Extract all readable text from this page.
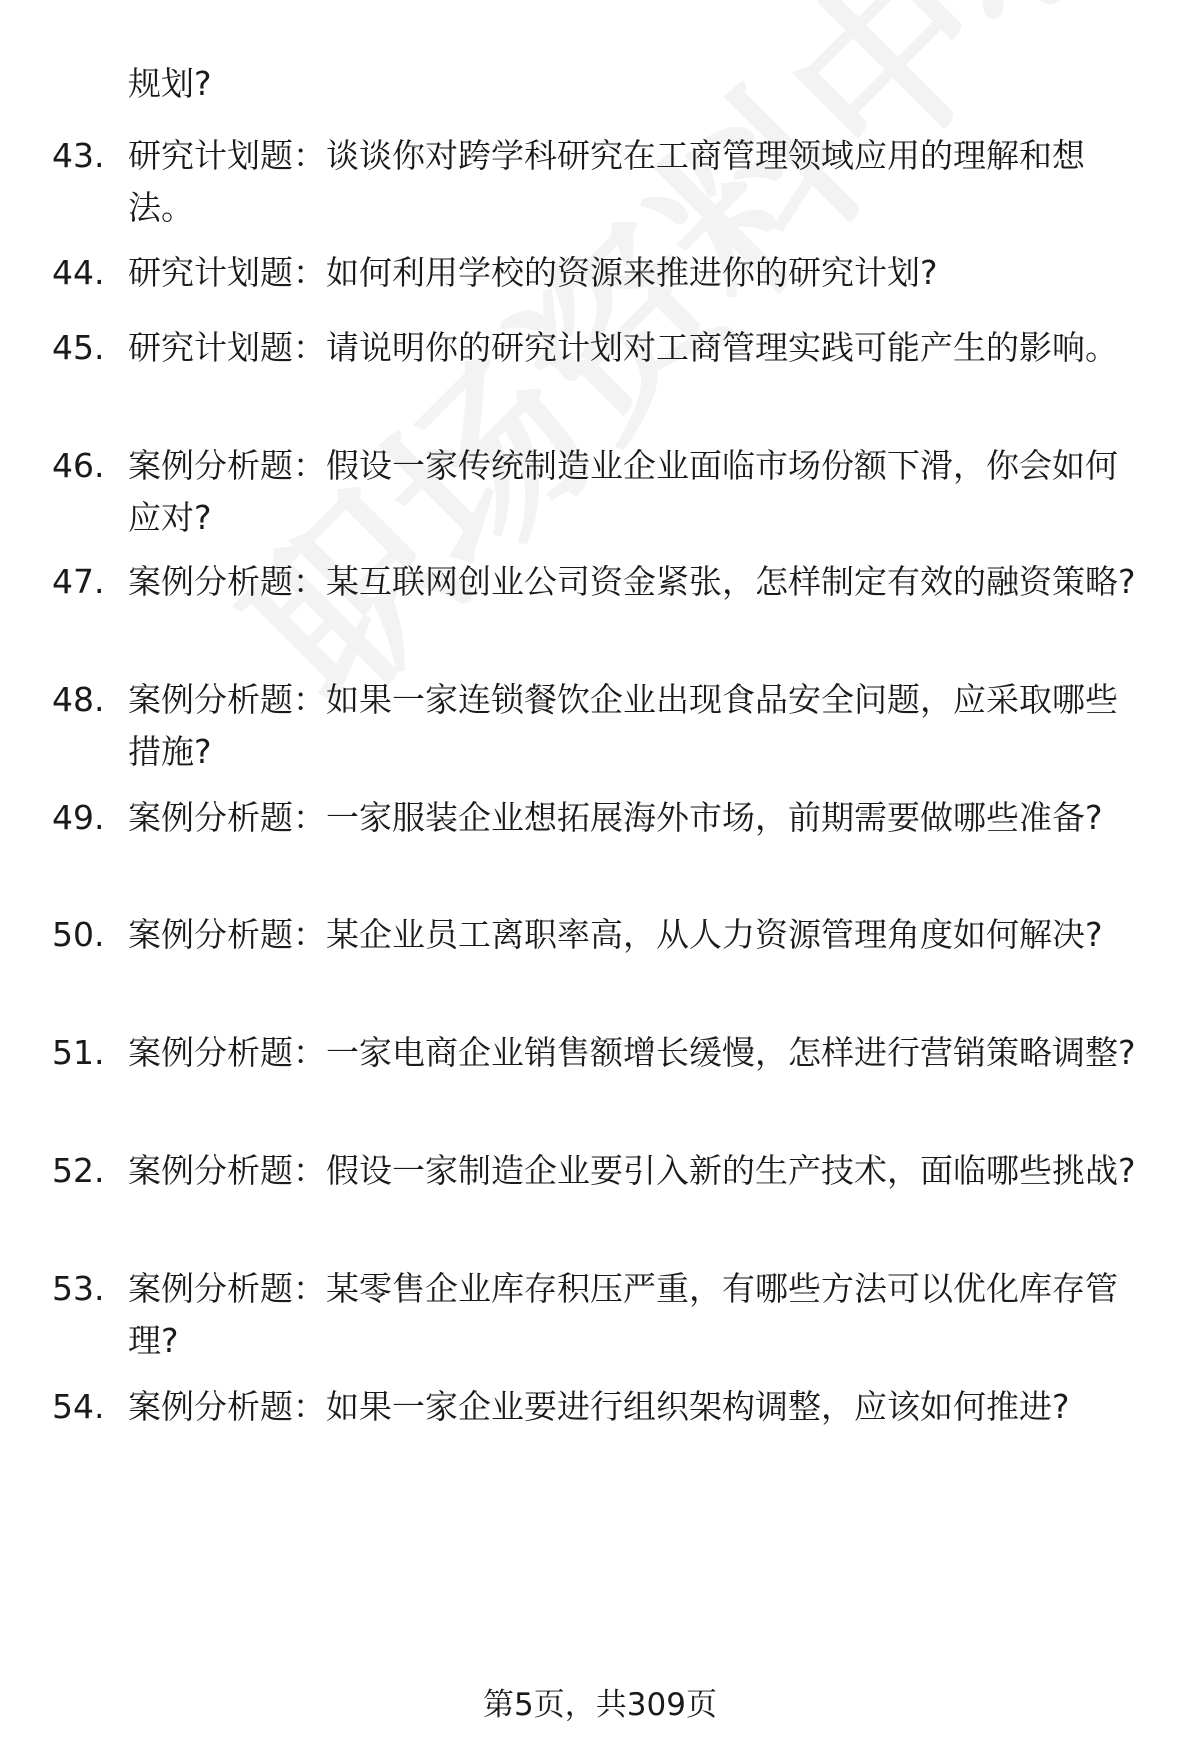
规划?
43. 研究计划题：谈谈你对跨学科研究在工商管理领域应用的理解和想法。
44. 研究计划题：如何利用学校的资源来推进你的研究计划?
45. 研究计划题：请说明你的研究计划对工商管理实践可能产生的影响。
46. 案例分析题：假设一家传统制造业企业面临市场份额下滑，你会如何应对?
47. 案例分析题：某互联网创业公司资金紧张，怎样制定有效的融资策略?
48. 案例分析题：如果一家连锁餐饮企业出现食品安全问题，应采取哪些措施?
49. 案例分析题：一家服装企业想拓展海外市场，前期需要做哪些准备?
50. 案例分析题：某企业员工离职率高，从人力资源管理角度如何解决?
51. 案例分析题：一家电商企业销售额增长缓慢，怎样进行营销策略调整?
52. 案例分析题：假设一家制造企业要引入新的生产技术，面临哪些挑战?
53. 案例分析题：某零售企业库存积压严重，有哪些方法可以优化库存管理?
54. 案例分析题：如果一家企业要进行组织架构调整，应该如何推进?
第5页，共309页
